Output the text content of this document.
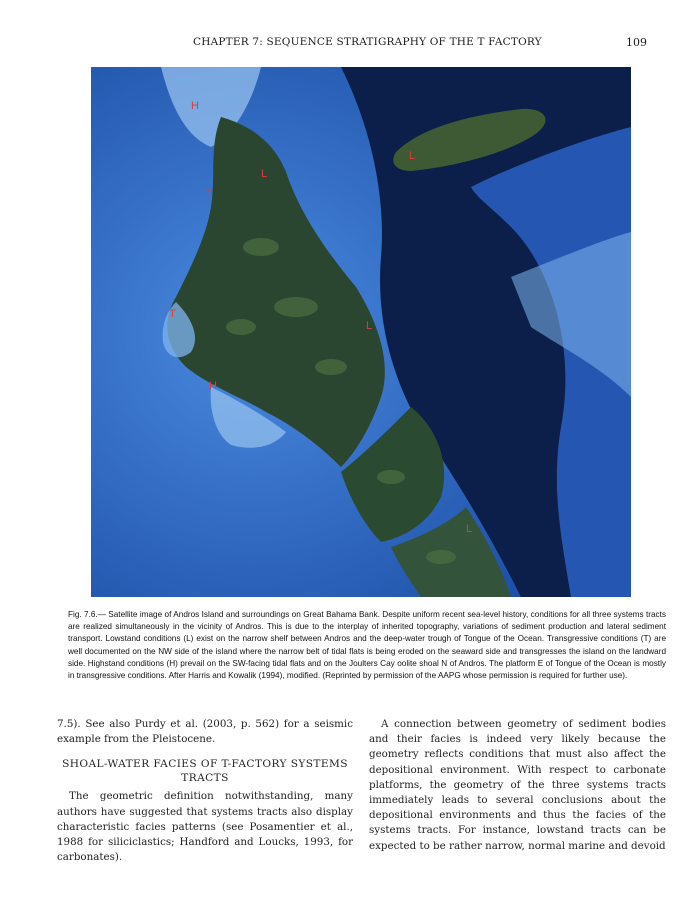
CHAPTER 7: SEQUENCE STRATIGRAPHY OF THE T FACTORY	109
H
L
T
L
T
L
H
L
Fig. 7.6.— Satellite image of Andros Island and surroundings on Great Bahama Bank. Despite uniform recent sea-level history, conditions for all three systems tracts are realized simultaneously in the vicinity of Andros. This is due to the interplay of inherited topography, variations of sediment production and lateral sediment transport. Lowstand conditions (L) exist on the narrow shelf between Andros and the deep-water trough of Tongue of the Ocean. Transgressive conditions (T) are well documented on the NW side of the island where the narrow belt of tidal flats is being eroded on the seaward side and transgresses the island on the landward side. Highstand conditions (H) prevail on the SW-facing tidal flats and on the Joulters Cay oolite shoal N of Andros. The platform E of Tongue of the Ocean is mostly in transgressive conditions. After Harris and Kowalik (1994), modified. (Reprinted by permission of the AAPG whose permission is required for further use).

7.5). See also Purdy et al. (2003, p. 562) for a seismic example from the Pleistocene.

SHOAL-WATER FACIES OF T-FACTORY SYSTEMS TRACTS

The geometric definition notwithstanding, many authors have suggested that systems tracts also display characteristic facies patterns (see Posamentier et al., 1988 for siliciclastics; Handford and Loucks, 1993, for carbonates).

A connection between geometry of sediment bodies and their facies is indeed very likely because the geometry reflects conditions that must also affect the depositional environment. With respect to carbonate platforms, the geometry of the three systems tracts immediately leads to several conclusions about the depositional environments and thus the facies of the systems tracts. For instance, lowstand tracts can be expected to be rather narrow, normal marine and devoid
